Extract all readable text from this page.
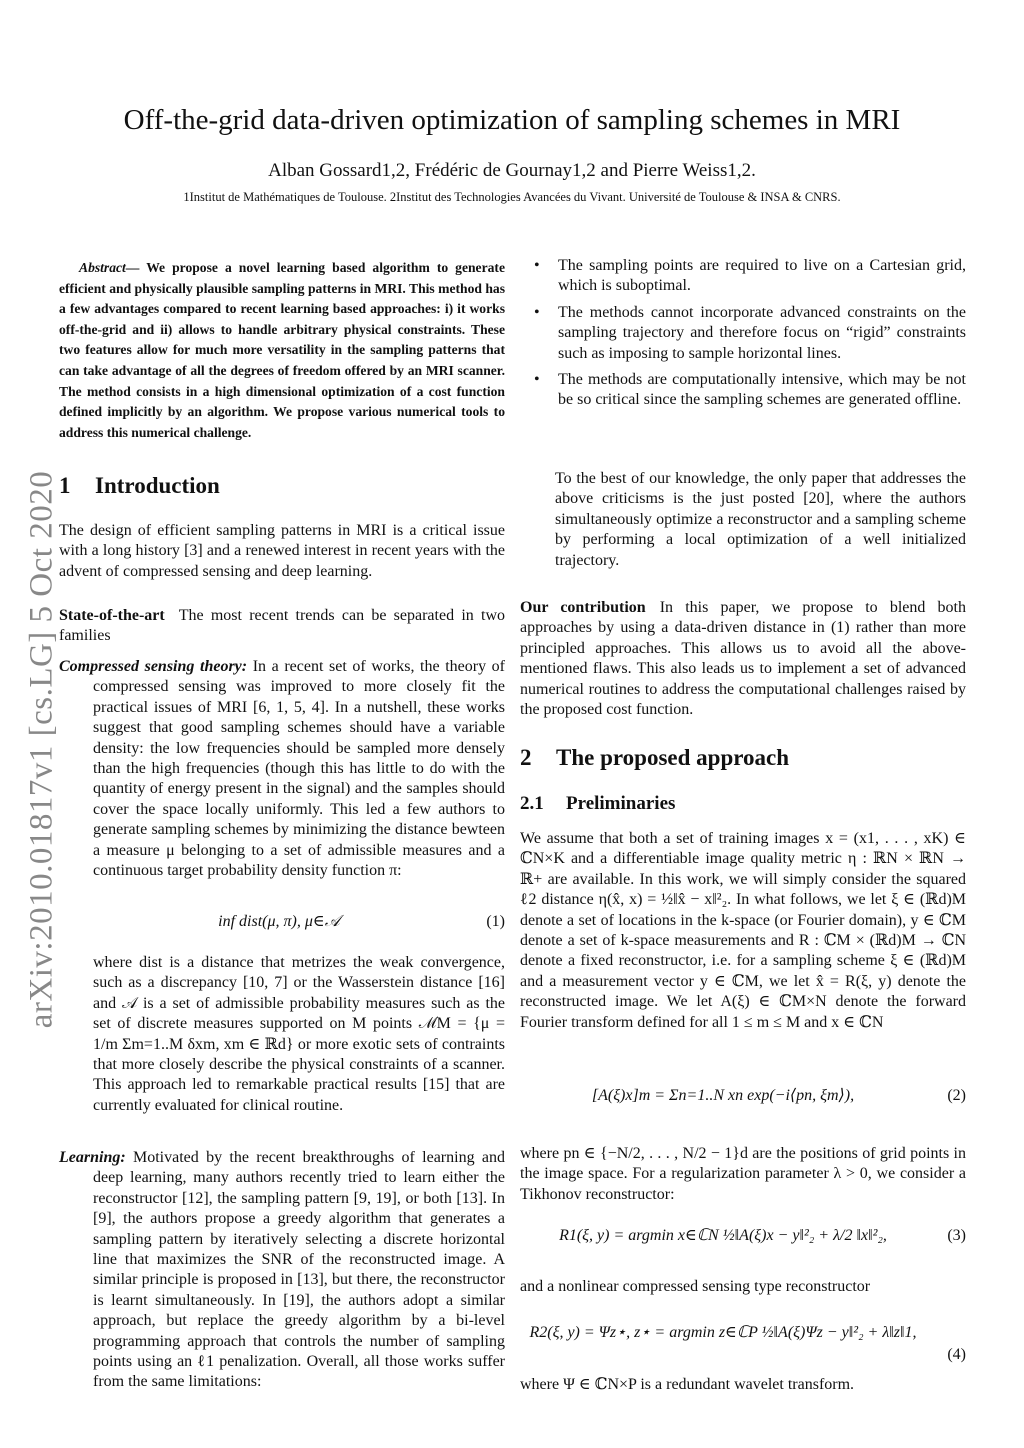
Off-the-grid data-driven optimization of sampling schemes in MRI
Alban Gossard1,2, Frédéric de Gournay1,2 and Pierre Weiss1,2.
1Institut de Mathématiques de Toulouse. 2Institut des Technologies Avancées du Vivant. Université de Toulouse & INSA & CNRS.
arXiv:2010.01817v1 [cs.LG] 5 Oct 2020
Abstract— We propose a novel learning based algorithm to generate efficient and physically plausible sampling patterns in MRI. This method has a few advantages compared to recent learning based approaches: i) it works off-the-grid and ii) allows to handle arbitrary physical constraints. These two features allow for much more versatility in the sampling patterns that can take advantage of all the degrees of freedom offered by an MRI scanner. The method consists in a high dimensional optimization of a cost function defined implicitly by an algorithm. We propose various numerical tools to address this numerical challenge.
1 Introduction

The design of efficient sampling patterns in MRI is a critical issue with a long history [3] and a renewed interest in recent years with the advent of compressed sensing and deep learning.

State-of-the-art The most recent trends can be separated in two families

Compressed sensing theory: In a recent set of works, the theory of compressed sensing was improved to more closely fit the practical issues of MRI [6, 1, 5, 4]. In a nutshell, these works suggest that good sampling schemes should have a variable density: the low frequencies should be sampled more densely than the high frequencies (though this has little to do with the quantity of energy present in the signal) and the samples should cover the space locally uniformly. This led a few authors to generate sampling schemes by minimizing the distance bewteen a measure μ belonging to a set of admissible measures and a continuous target probability density function π:

inf dist(μ, π), μ∈𝒜	(1)

where dist is a distance that metrizes the weak convergence, such as a discrepancy [10, 7] or the Wasserstein distance [16] and 𝒜 is a set of admissible probability measures such as the set of discrete measures supported on M points ℳM = {μ = 1/m Σm=1..M δxm, xm ∈ ℝd} or more exotic sets of contraints that more closely describe the physical constraints of a scanner. This approach led to remarkable practical results [15] that are currently evaluated for clinical routine.

Learning: Motivated by the recent breakthroughs of learning and deep learning, many authors recently tried to learn either the reconstructor [12], the sampling pattern [9, 19], or both [13]. In [9], the authors propose a greedy algorithm that generates a sampling pattern by iteratively selecting a discrete horizontal line that maximizes the SNR of the reconstructed image. A similar principle is proposed in [13], but there, the reconstructor is learnt simultaneously. In [19], the authors adopt a similar approach, but replace the greedy algorithm by a bi-level programming approach that controls the number of sampling points using an ℓ1 penalization. Overall, all those works suffer from the same limitations:

• The sampling points are required to live on a Cartesian grid, which is suboptimal.
• The methods cannot incorporate advanced constraints on the sampling trajectory and therefore focus on “rigid” constraints such as imposing to sample horizontal lines.
• The methods are computationally intensive, which may be not be so critical since the sampling schemes are generated offline.

To the best of our knowledge, the only paper that addresses the above criticisms is the just posted [20], where the authors simultaneously optimize a reconstructor and a sampling scheme by performing a local optimization of a well initialized trajectory.

Our contribution In this paper, we propose to blend both approaches by using a data-driven distance in (1) rather than more principled approaches. This allows us to avoid all the above-mentioned flaws. This also leads us to implement a set of advanced numerical routines to address the computational challenges raised by the proposed cost function.

2 The proposed approach
2.1 Preliminaries

We assume that both a set of training images x = (x1, . . . , xK) ∈ ℂN×K and a differentiable image quality metric η : ℝN × ℝN → ℝ+ are available. In this work, we will simply consider the squared ℓ2 distance η(x̂, x) = ½‖x̂ − x‖²₂. In what follows, we let ξ ∈ (ℝd)M denote a set of locations in the k-space (or Fourier domain), y ∈ ℂM denote a set of k-space measurements and R : ℂM × (ℝd)M → ℂN denote a fixed reconstructor, i.e. for a sampling scheme ξ ∈ (ℝd)M and a measurement vector y ∈ ℂM, we let x̂ = R(ξ, y) denote the reconstructed image. We let A(ξ) ∈ ℂM×N denote the forward Fourier transform defined for all 1 ≤ m ≤ M and x ∈ ℂN

[A(ξ)x]m = Σn=1..N xn exp(−i⟨pn, ξm⟩),	(2)

where pn ∈ {−N/2, . . . , N/2 − 1}d are the positions of grid points in the image space. For a regularization parameter λ > 0, we consider a Tikhonov reconstructor:

R1(ξ, y) = argmin x∈ℂN ½‖A(ξ)x − y‖²₂ + λ/2 ‖x‖²₂,	(3)

and a nonlinear compressed sensing type reconstructor

R2(ξ, y) = Ψz⋆, z⋆ = argmin z∈ℂP ½‖A(ξ)Ψz − y‖²₂ + λ‖z‖1,
(4)

where Ψ ∈ ℂN×P is a redundant wavelet transform.
